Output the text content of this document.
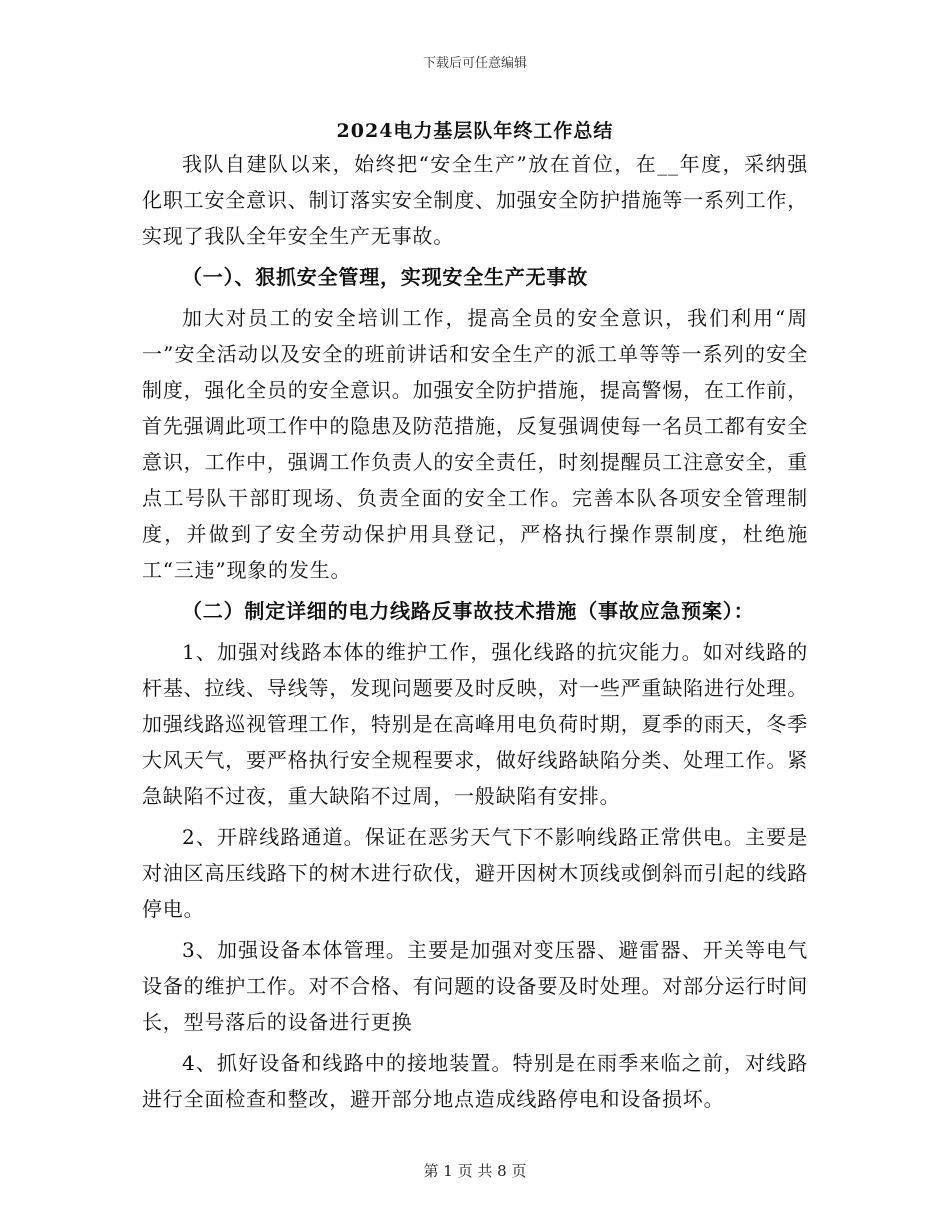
下载后可任意编辑
2024电力基层队年终工作总结

我队自建队以来，始终把“安全生产”放在首位，在__年度，采纳强化职工安全意识、制订落实安全制度、加强安全防护措施等一系列工作，实现了我队全年安全生产无事故。

（一）、狠抓安全管理，实现安全生产无事故

加大对员工的安全培训工作，提高全员的安全意识，我们利用“周一”安全活动以及安全的班前讲话和安全生产的派工单等等一系列的安全制度，强化全员的安全意识。加强安全防护措施，提高警惕，在工作前，首先强调此项工作中的隐患及防范措施，反复强调使每一名员工都有安全意识，工作中，强调工作负责人的安全责任，时刻提醒员工注意安全，重点工号队干部盯现场、负责全面的安全工作。完善本队各项安全管理制度，并做到了安全劳动保护用具登记，严格执行操作票制度，杜绝施工“三违”现象的发生。

（二）制定详细的电力线路反事故技术措施（事故应急预案）：

1、加强对线路本体的维护工作，强化线路的抗灾能力。如对线路的杆基、拉线、导线等，发现问题要及时反映，对一些严重缺陷进行处理。加强线路巡视管理工作，特别是在高峰用电负荷时期，夏季的雨天，冬季大风天气，要严格执行安全规程要求，做好线路缺陷分类、处理工作。紧急缺陷不过夜，重大缺陷不过周，一般缺陷有安排。

2、开辟线路通道。保证在恶劣天气下不影响线路正常供电。主要是对油区高压线路下的树木进行砍伐，避开因树木顶线或倒斜而引起的线路停电。

3、加强设备本体管理。主要是加强对变压器、避雷器、开关等电气设备的维护工作。对不合格、有问题的设备要及时处理。对部分运行时间长，型号落后的设备进行更换

4、抓好设备和线路中的接地装置。特别是在雨季来临之前，对线路进行全面检查和整改，避开部分地点造成线路停电和设备损坏。

第 1 页 共 8 页
